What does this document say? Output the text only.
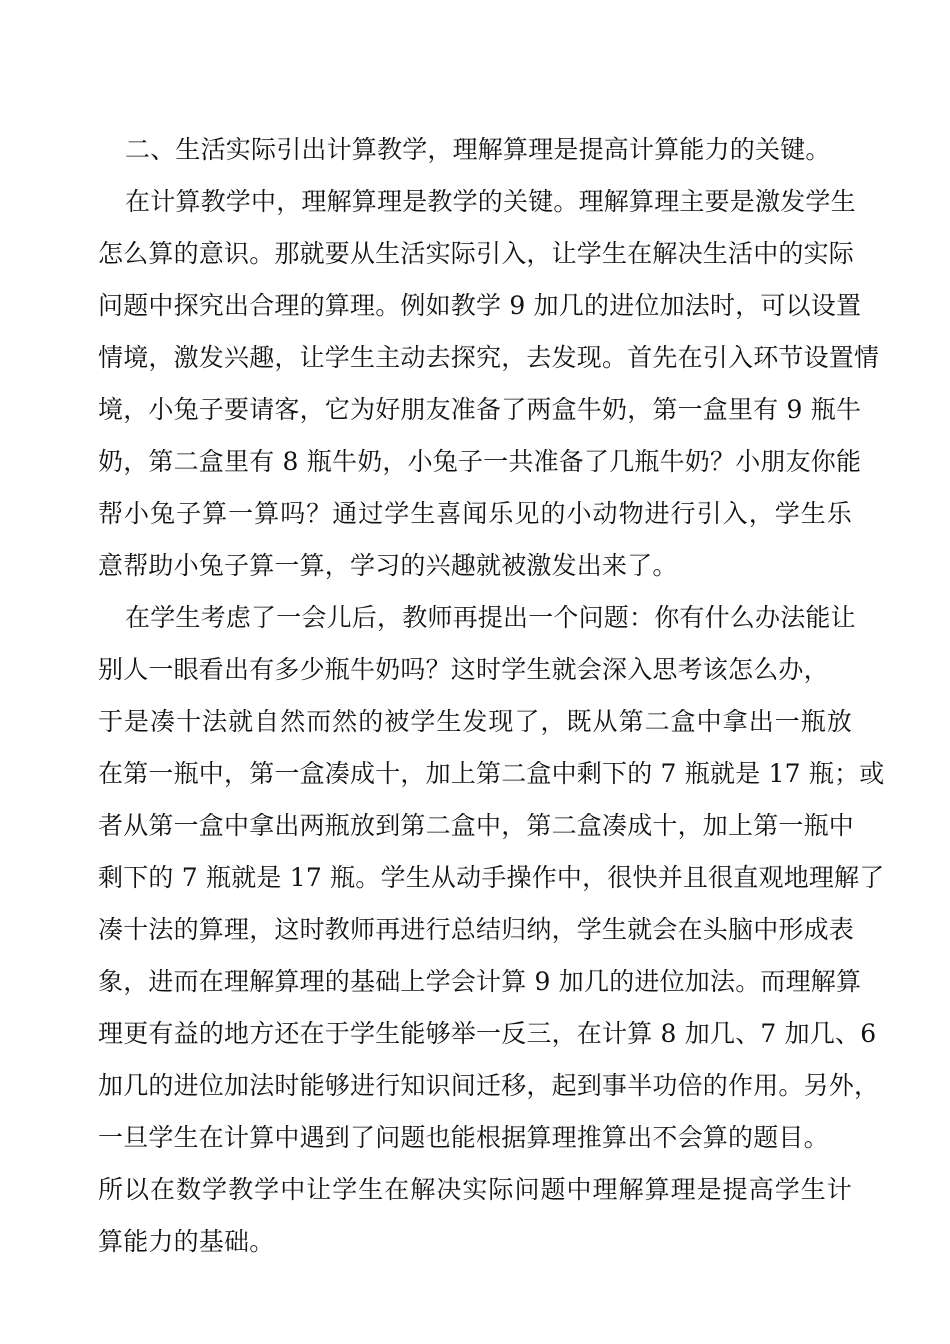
二、生活实际引出计算教学，理解算理是提高计算能力的关键。
在计算教学中，理解算理是教学的关键。理解算理主要是激发学生
怎么算的意识。那就要从生活实际引入，让学生在解决生活中的实际
问题中探究出合理的算理。例如教学 9 加几的进位加法时，可以设置
情境，激发兴趣，让学生主动去探究，去发现。首先在引入环节设置情
境，小兔子要请客，它为好朋友准备了两盒牛奶，第一盒里有 9 瓶牛
奶，第二盒里有 8 瓶牛奶，小兔子一共准备了几瓶牛奶？小朋友你能
帮小兔子算一算吗？通过学生喜闻乐见的小动物进行引入，学生乐
意帮助小兔子算一算，学习的兴趣就被激发出来了。
在学生考虑了一会儿后，教师再提出一个问题：你有什么办法能让
别人一眼看出有多少瓶牛奶吗？这时学生就会深入思考该怎么办，
于是凑十法就自然而然的被学生发现了，既从第二盒中拿出一瓶放
在第一瓶中，第一盒凑成十，加上第二盒中剩下的 7 瓶就是 17 瓶；或
者从第一盒中拿出两瓶放到第二盒中，第二盒凑成十，加上第一瓶中
剩下的 7 瓶就是 17 瓶。学生从动手操作中，很快并且很直观地理解了
凑十法的算理，这时教师再进行总结归纳，学生就会在头脑中形成表
象，进而在理解算理的基础上学会计算 9 加几的进位加法。而理解算
理更有益的地方还在于学生能够举一反三，在计算 8 加几、7 加几、6
加几的进位加法时能够进行知识间迁移，起到事半功倍的作用。另外，
一旦学生在计算中遇到了问题也能根据算理推算出不会算的题目。
所以在数学教学中让学生在解决实际问题中理解算理是提高学生计
算能力的基础。
